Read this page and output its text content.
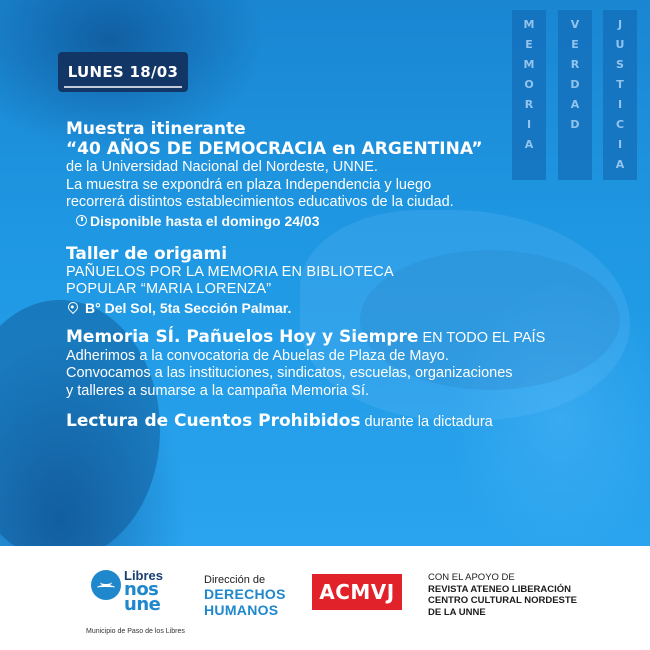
MEMORIA	VERDAD	JUSTICIA
LUNES 18/03

Muestra itinerante

“40 AÑOS DE DEMOCRACIA en ARGENTINA”

de la Universidad Nacional del Nordeste, UNNE.

La muestra se expondrá en plaza Independencia y luego

recorrerá distintos establecimientos educativos de la ciudad.

Disponible hasta el domingo 24/03

Taller de origami

PAÑUELOS POR LA MEMORIA EN BIBLIOTECA

POPULAR “MARIA LORENZA”

B° Del Sol, 5ta Sección Palmar.

Memoria SÍ. Pañuelos Hoy y Siempre EN TODO EL PAÍS

Adherimos a la convocatoria de Abuelas de Plaza de Mayo.

Convocamos a las instituciones, sindicatos, escuelas, organizaciones

y talleres a sumarse a la campaña Memoria Sí.

Lectura de Cuentos Prohibidos durante la dictadura

Libres
nos
une
Municipio de Paso de los Libres

Dirección de

DERECHOS

HUMANOS

ACMVJ

CON EL APOYO DE

REVISTA ATENEO LIBERACIÓN

CENTRO CULTURAL NORDESTE

DE LA UNNE
